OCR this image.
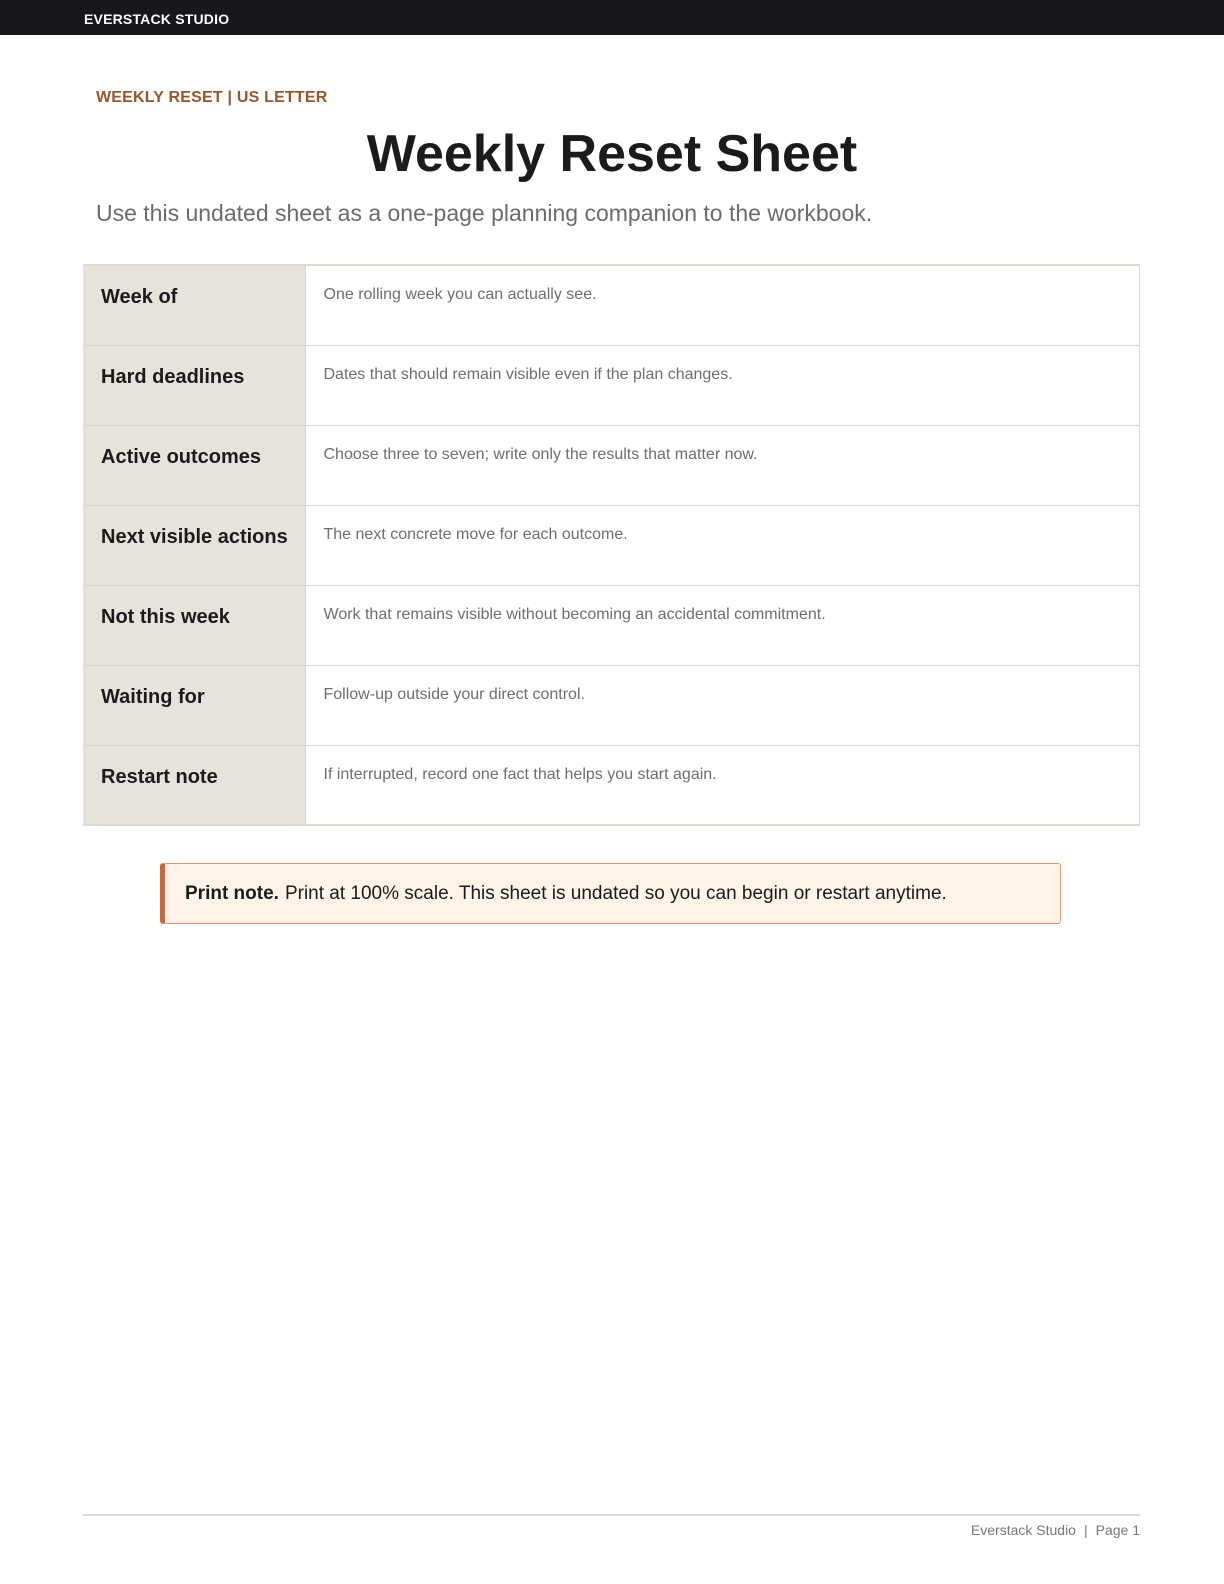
EVERSTACK STUDIO
WEEKLY RESET | US LETTER
Weekly Reset Sheet
Use this undated sheet as a one-page planning companion to the workbook.
Week of	One rolling week you can actually see.
Hard deadlines	Dates that should remain visible even if the plan changes.
Active outcomes	Choose three to seven; write only the results that matter now.
Next visible actions	The next concrete move for each outcome.
Not this week	Work that remains visible without becoming an accidental commitment.
Waiting for	Follow-up outside your direct control.
Restart note	If interrupted, record one fact that helps you start again.
Print note. Print at 100% scale. This sheet is undated so you can begin or restart anytime.
Everstack Studio | Page 1
